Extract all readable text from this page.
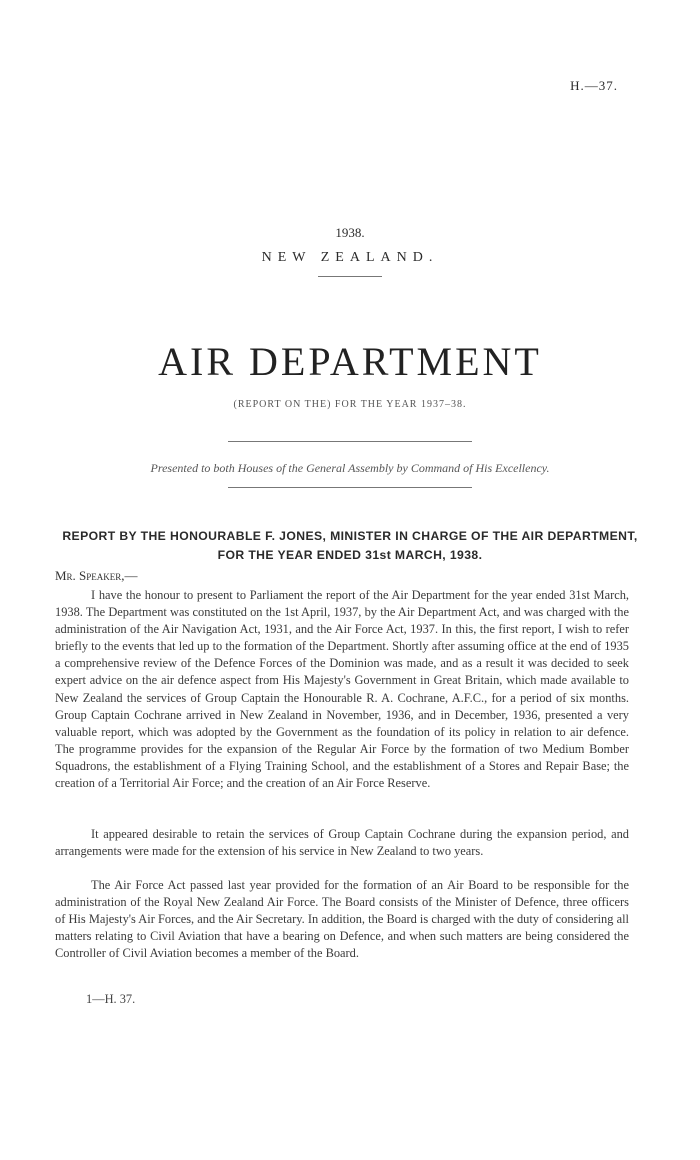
H.—37.
1938.
NEW ZEALAND.
AIR DEPARTMENT
(REPORT ON THE) FOR THE YEAR 1937–38.
Presented to both Houses of the General Assembly by Command of His Excellency.
REPORT BY THE HONOURABLE F. JONES, MINISTER IN CHARGE OF THE AIR DEPARTMENT, FOR THE YEAR ENDED 31st MARCH, 1938.
Mr. Speaker,—

I have the honour to present to Parliament the report of the Air Department for the year ended 31st March, 1938. The Department was constituted on the 1st April, 1937, by the Air Department Act, and was charged with the administration of the Air Navigation Act, 1931, and the Air Force Act, 1937. In this, the first report, I wish to refer briefly to the events that led up to the formation of the Department. Shortly after assuming office at the end of 1935 a comprehensive review of the Defence Forces of the Dominion was made, and as a result it was decided to seek expert advice on the air defence aspect from His Majesty's Government in Great Britain, which made available to New Zealand the services of Group Captain the Honourable R. A. Cochrane, A.F.C., for a period of six months. Group Captain Cochrane arrived in New Zealand in November, 1936, and in December, 1936, presented a very valuable report, which was adopted by the Government as the foundation of its policy in relation to air defence. The programme provides for the expansion of the Regular Air Force by the formation of two Medium Bomber Squadrons, the establishment of a Flying Training School, and the establishment of a Stores and Repair Base; the creation of a Territorial Air Force; and the creation of an Air Force Reserve.

It appeared desirable to retain the services of Group Captain Cochrane during the expansion period, and arrangements were made for the extension of his service in New Zealand to two years.

The Air Force Act passed last year provided for the formation of an Air Board to be responsible for the administration of the Royal New Zealand Air Force. The Board consists of the Minister of Defence, three officers of His Majesty's Air Forces, and the Air Secretary. In addition, the Board is charged with the duty of considering all matters relating to Civil Aviation that have a bearing on Defence, and when such matters are being considered the Controller of Civil Aviation becomes a member of the Board.

1—H. 37.
